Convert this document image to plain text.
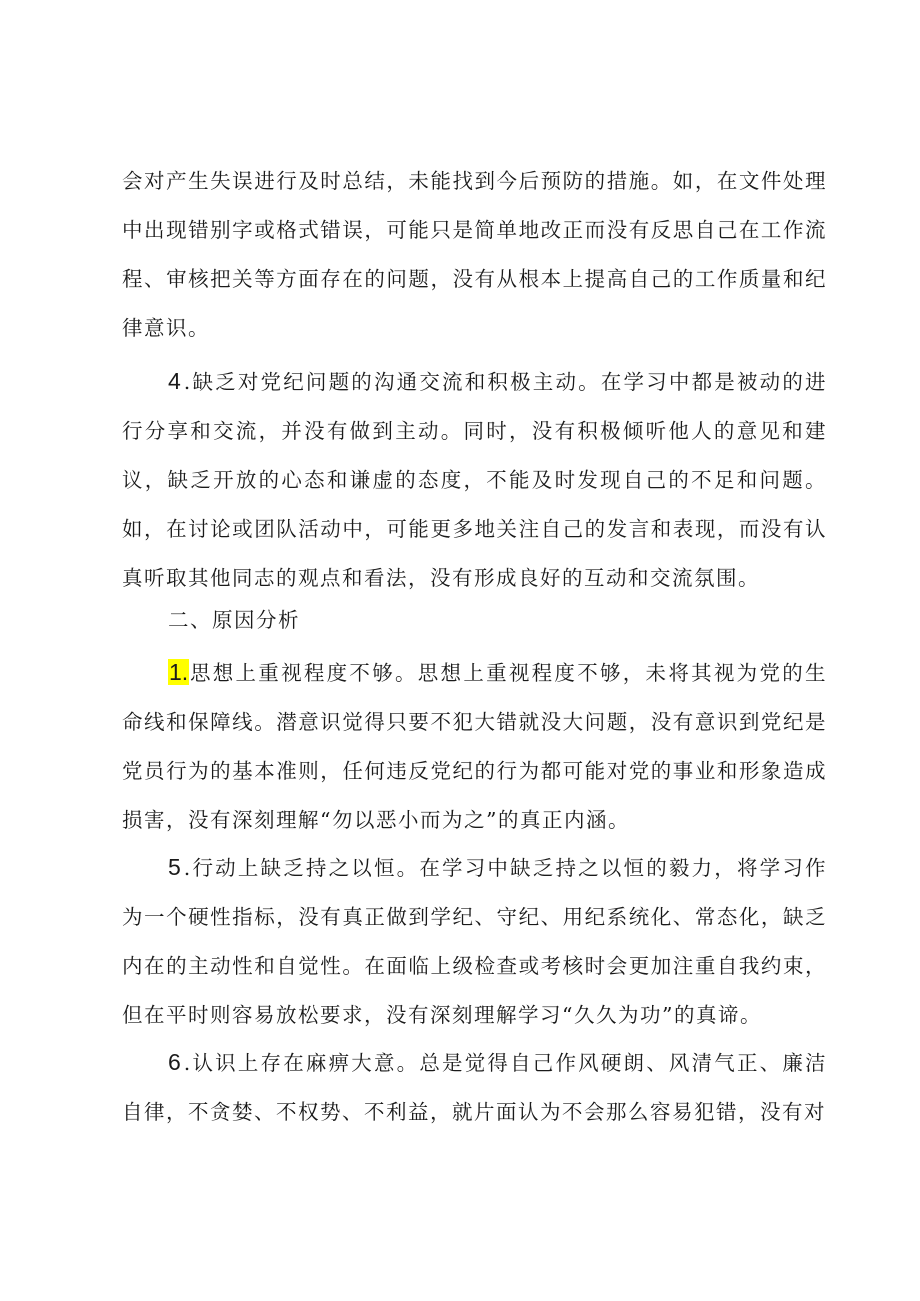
会对产生失误进行及时总结，未能找到今后预防的措施。如，在文件处理中出现错别字或格式错误，可能只是简单地改正而没有反思自己在工作流程、审核把关等方面存在的问题，没有从根本上提高自己的工作质量和纪律意识。

4.缺乏对党纪问题的沟通交流和积极主动。在学习中都是被动的进行分享和交流，并没有做到主动。同时，没有积极倾听他人的意见和建议，缺乏开放的心态和谦虚的态度，不能及时发现自己的不足和问题。如，在讨论或团队活动中，可能更多地关注自己的发言和表现，而没有认真听取其他同志的观点和看法，没有形成良好的互动和交流氛围。

二、原因分析

1.思想上重视程度不够。思想上重视程度不够，未将其视为党的生命线和保障线。潜意识觉得只要不犯大错就没大问题，没有意识到党纪是党员行为的基本准则，任何违反党纪的行为都可能对党的事业和形象造成损害，没有深刻理解“勿以恶小而为之”的真正内涵。

5.行动上缺乏持之以恒。在学习中缺乏持之以恒的毅力，将学习作为一个硬性指标，没有真正做到学纪、守纪、用纪系统化、常态化，缺乏内在的主动性和自觉性。在面临上级检查或考核时会更加注重自我约束，但在平时则容易放松要求，没有深刻理解学习“久久为功”的真谛。

6.认识上存在麻痹大意。总是觉得自己作风硬朗、风清气正、廉洁自律，不贪婪、不权势、不利益，就片面认为不会那么容易犯错，没有对
